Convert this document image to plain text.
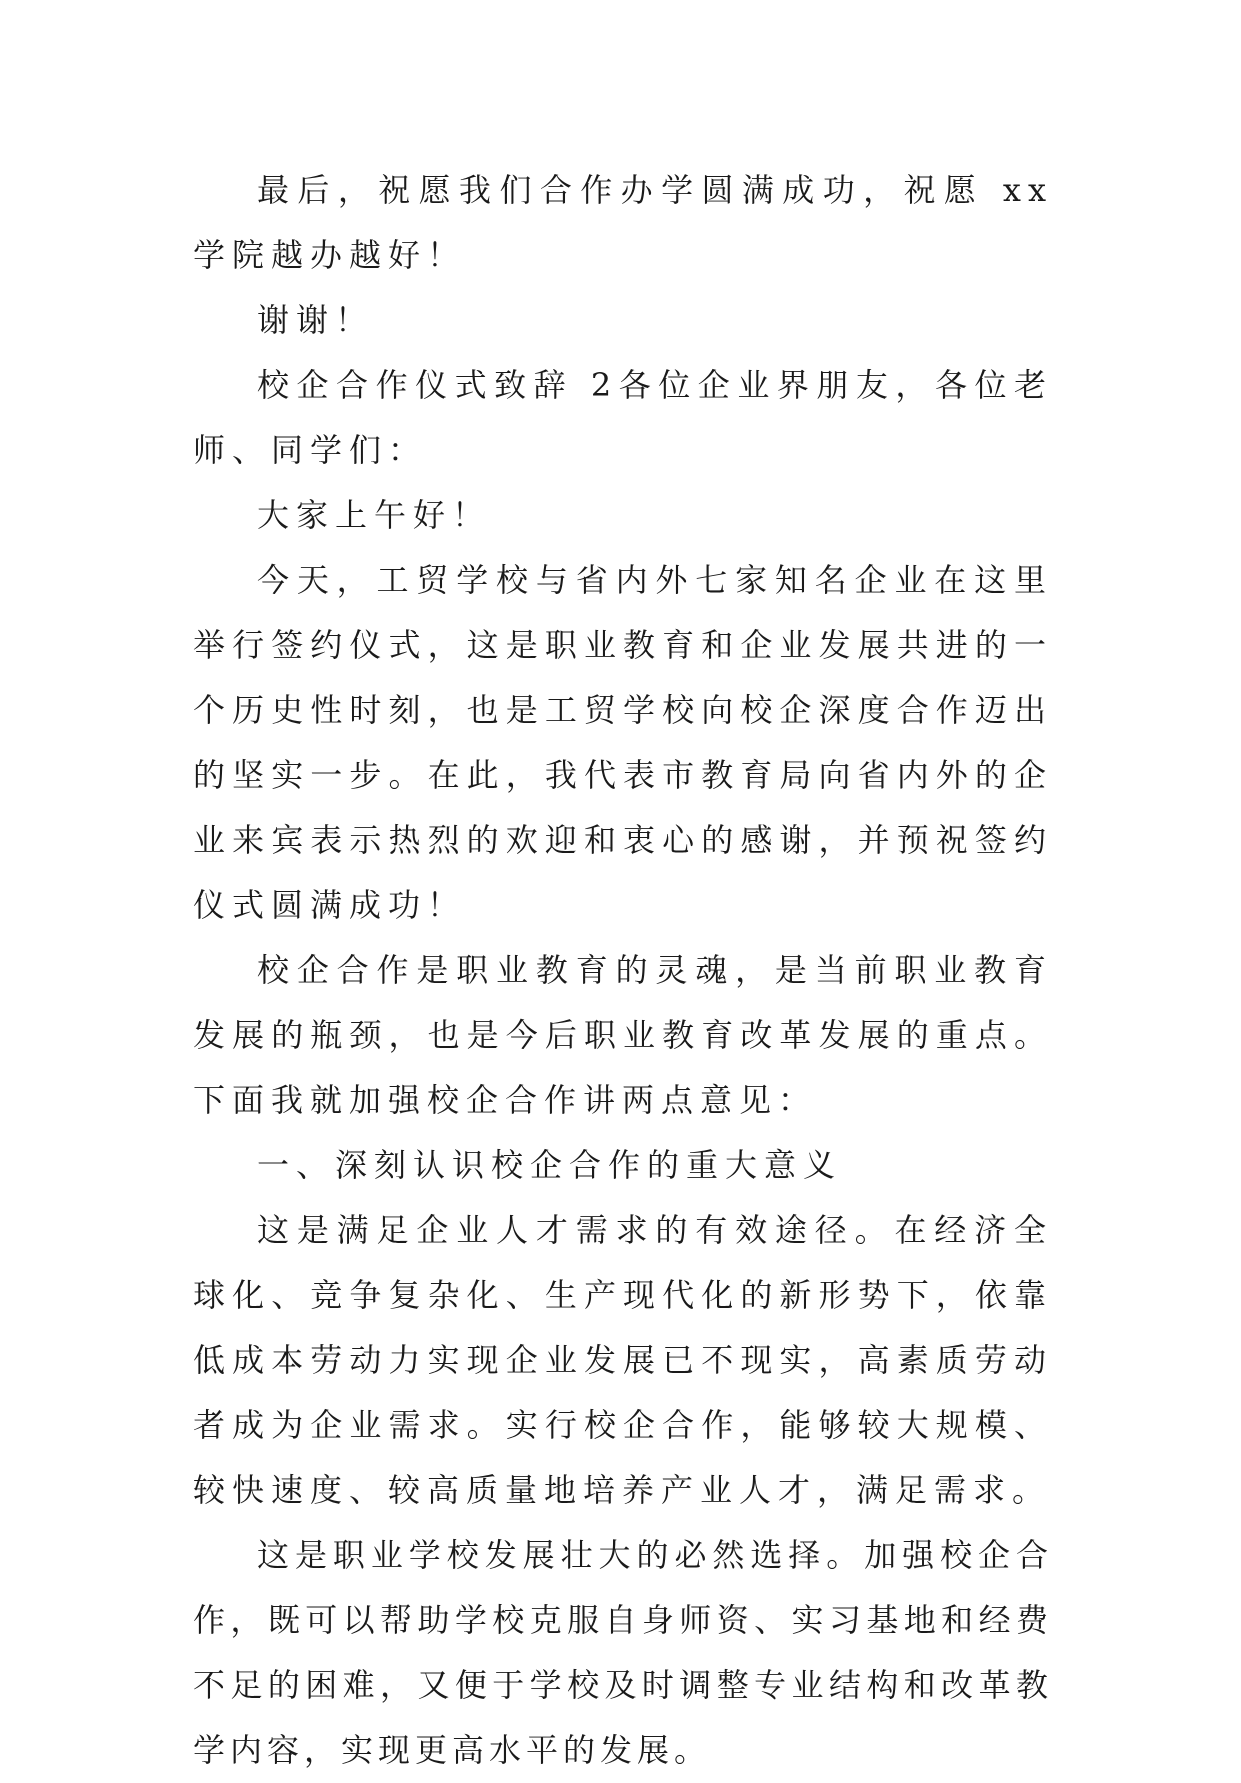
最后，祝愿我们合作办学圆满成功，祝愿 xx 学院越办越好！

谢谢！

校企合作仪式致辞 2各位企业界朋友，各位老师、同学们：

大家上午好！

今天，工贸学校与省内外七家知名企业在这里举行签约仪式，这是职业教育和企业发展共进的一个历史性时刻，也是工贸学校向校企深度合作迈出的坚实一步。在此，我代表市教育局向省内外的企业来宾表示热烈的欢迎和衷心的感谢，并预祝签约仪式圆满成功！

校企合作是职业教育的灵魂，是当前职业教育发展的瓶颈，也是今后职业教育改革发展的重点。下面我就加强校企合作讲两点意见：

一、深刻认识校企合作的重大意义

这是满足企业人才需求的有效途径。在经济全球化、竞争复杂化、生产现代化的新形势下，依靠低成本劳动力实现企业发展已不现实，高素质劳动者成为企业需求。实行校企合作，能够较大规模、较快速度、较高质量地培养产业人才，满足需求。

这是职业学校发展壮大的必然选择。加强校企合作，既可以帮助学校克服自身师资、实习基地和经费不足的困难，又便于学校及时调整专业结构和改革教学内容，实现更高水平的发展。
